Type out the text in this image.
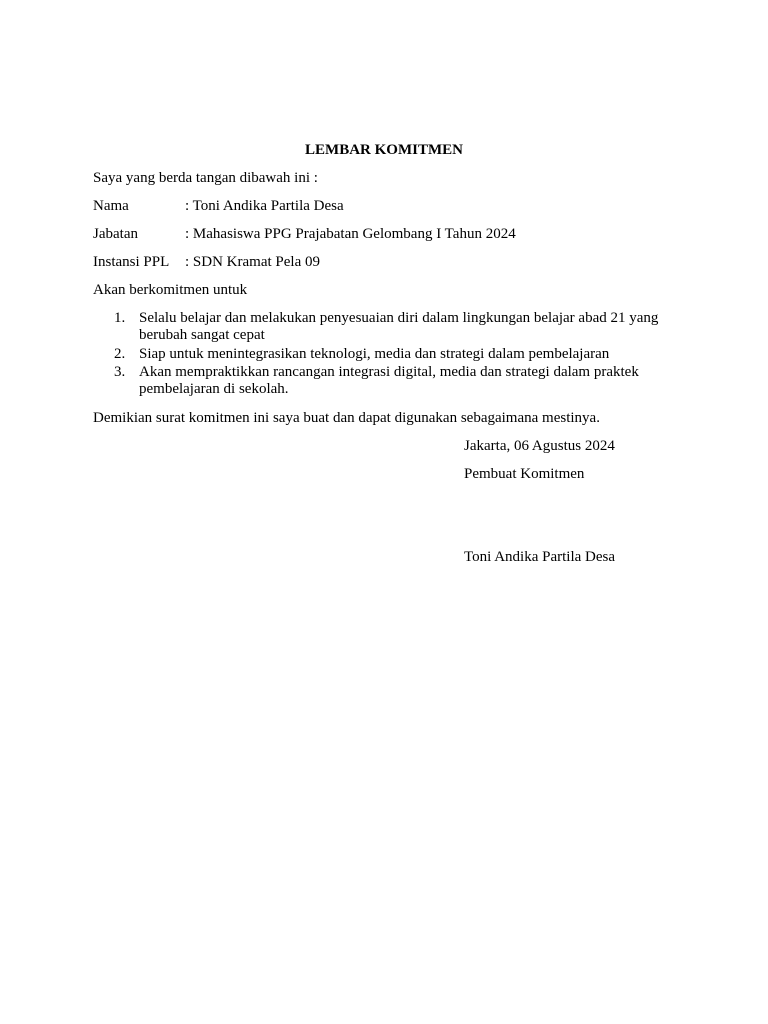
LEMBAR KOMITMEN
Saya yang berda tangan dibawah ini :
Nama	: Toni Andika Partila Desa
Jabatan	: Mahasiswa PPG Prajabatan Gelombang I Tahun 2024
Instansi PPL : SDN Kramat Pela 09
Akan berkomitmen untuk
1. Selalu belajar dan melakukan penyesuaian diri dalam lingkungan belajar abad 21 yang berubah sangat cepat
2. Siap untuk menintegrasikan teknologi, media dan strategi dalam pembelajaran
3. Akan mempraktikkan rancangan integrasi digital, media dan strategi dalam praktek pembelajaran di sekolah.
Demikian surat komitmen ini saya buat dan dapat digunakan sebagaimana mestinya.
Jakarta, 06 Agustus 2024
Pembuat Komitmen
Toni Andika Partila Desa
